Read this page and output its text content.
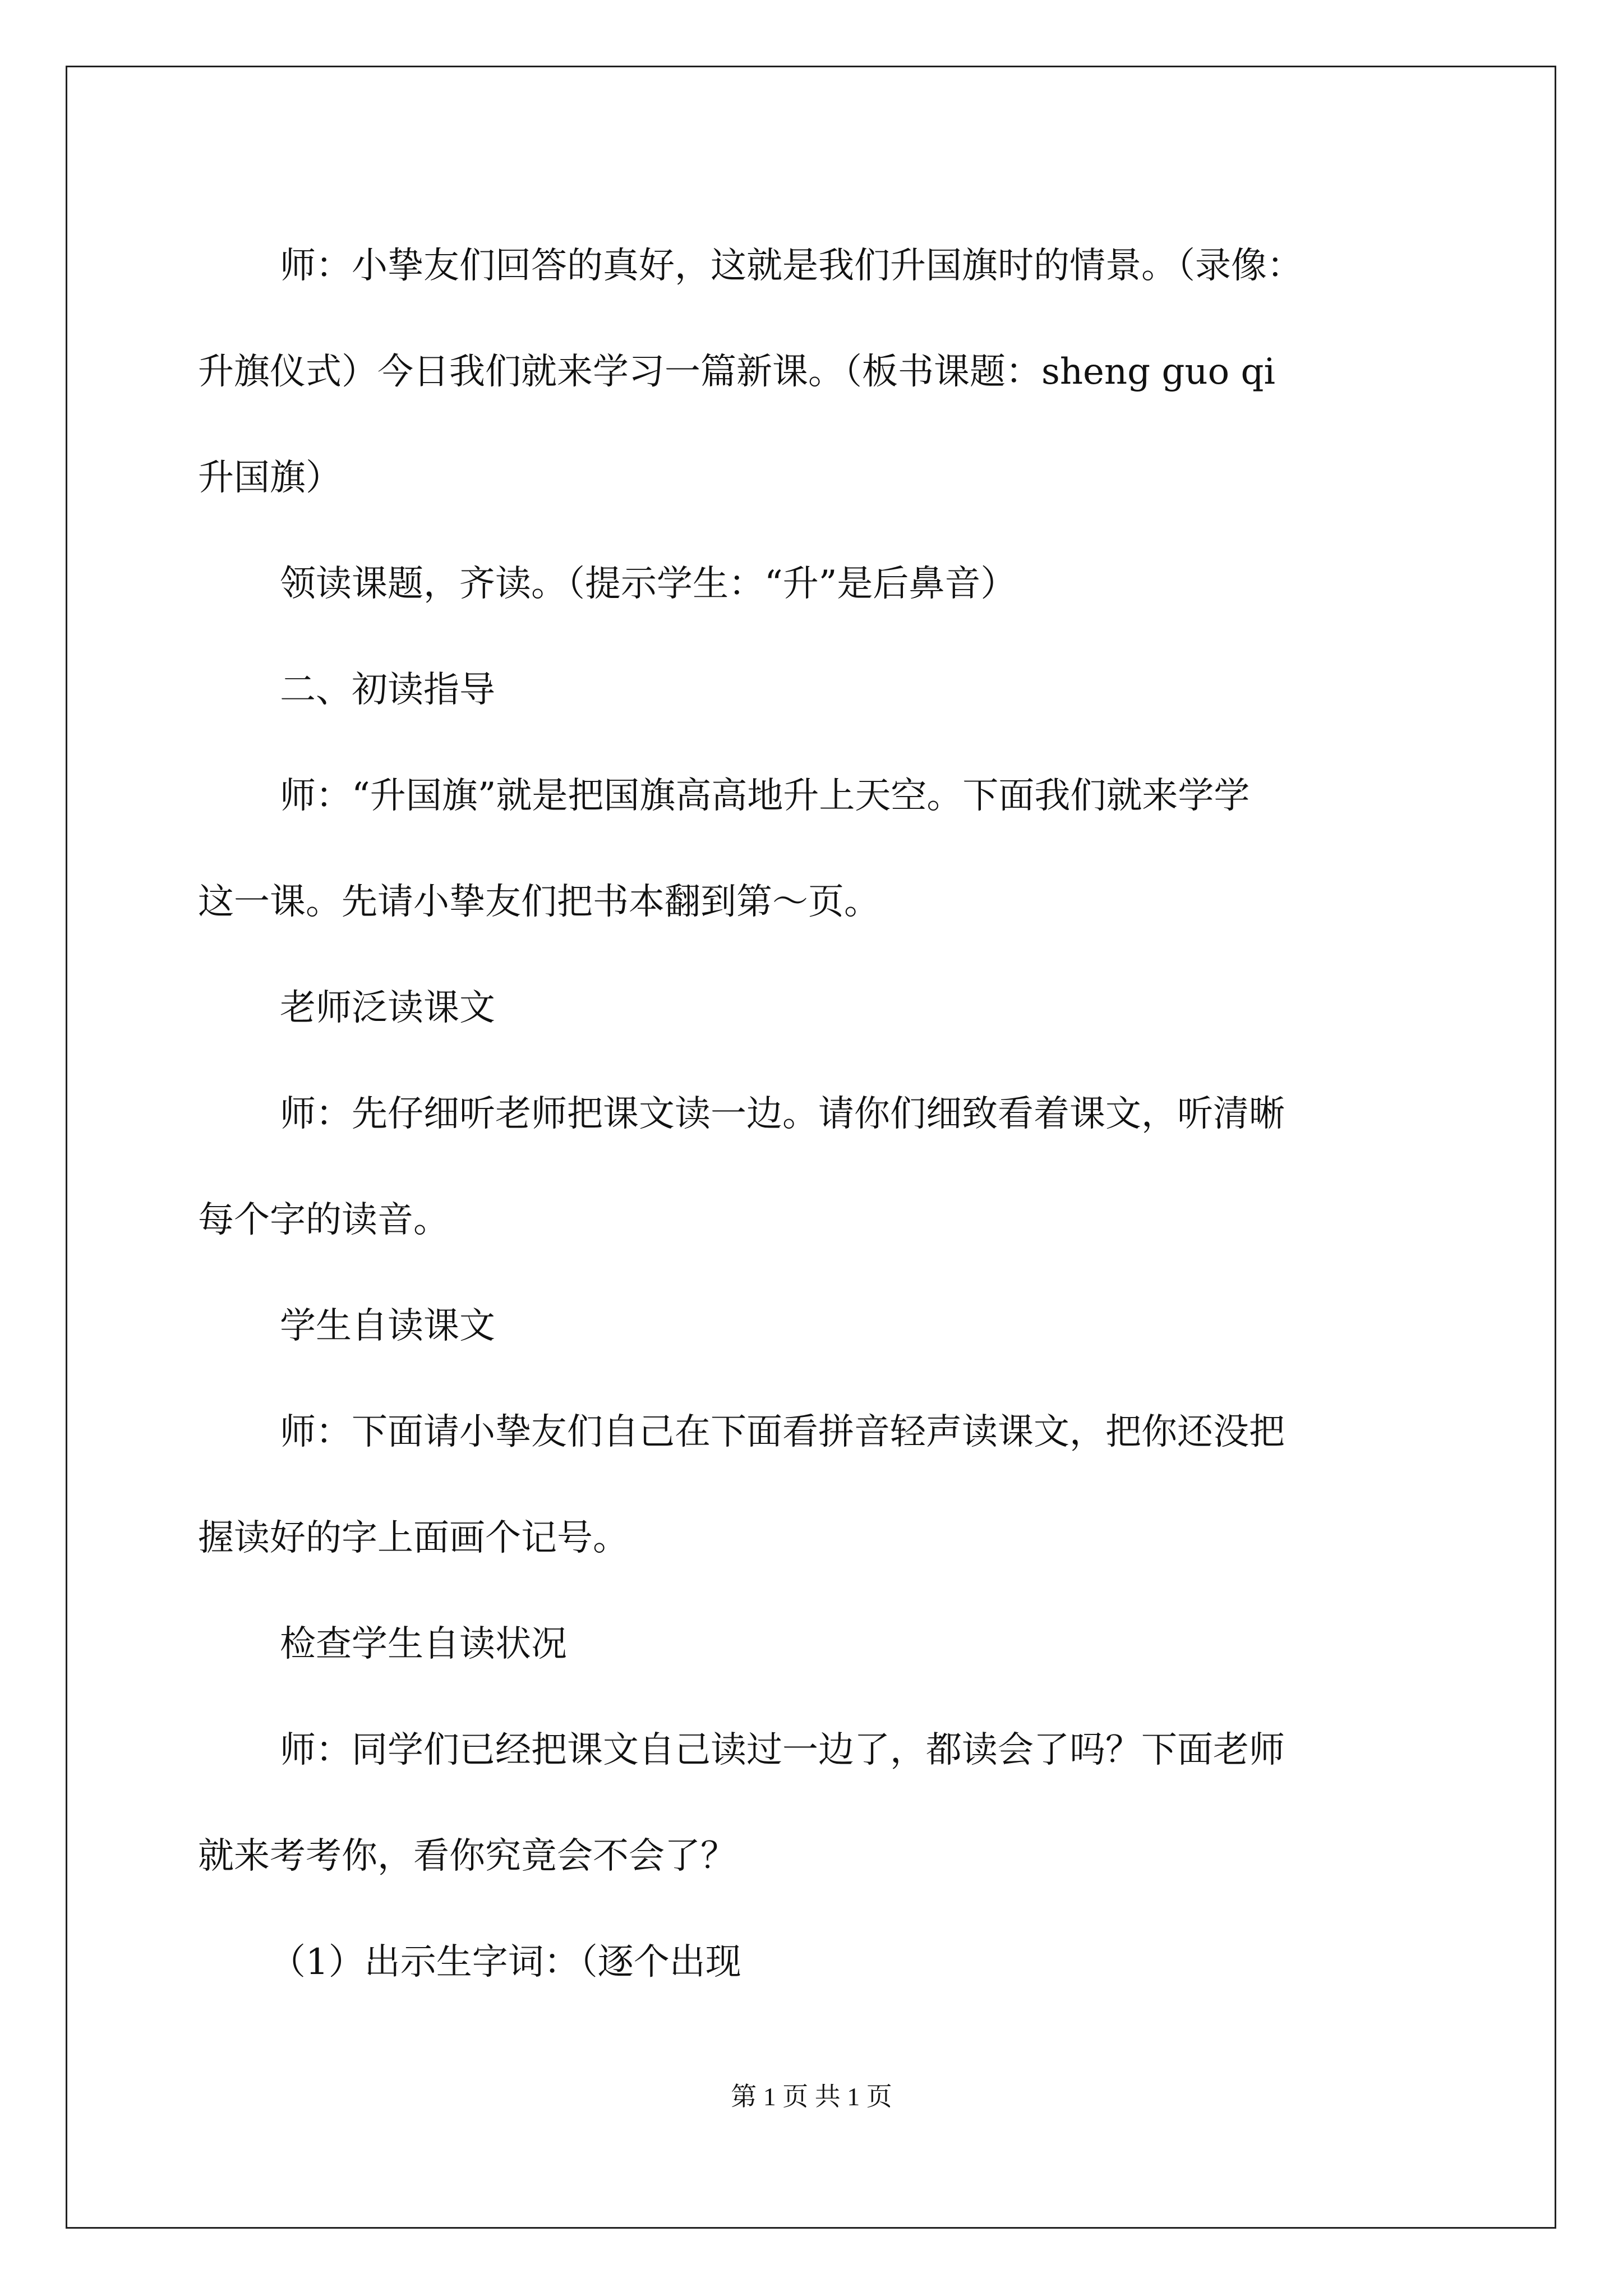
师：小挚友们回答的真好，这就是我们升国旗时的情景。（录像：
升旗仪式）今日我们就来学习一篇新课。（板书课题：sheng guo qi
升国旗）
领读课题，齐读。（提示学生：“升”是后鼻音）
二、初读指导
师：“升国旗”就是把国旗高高地升上天空。下面我们就来学学
这一课。先请小挚友们把书本翻到第～页。
老师泛读课文
师：先仔细听老师把课文读一边。请你们细致看着课文，听清晰
每个字的读音。
学生自读课文
师：下面请小挚友们自己在下面看拼音轻声读课文，把你还没把
握读好的字上面画个记号。
检查学生自读状况
师：同学们已经把课文自己读过一边了，都读会了吗？下面老师
就来考考你，看你究竟会不会了？
（1）出示生字词：（逐个出现
第 1 页 共 1 页
